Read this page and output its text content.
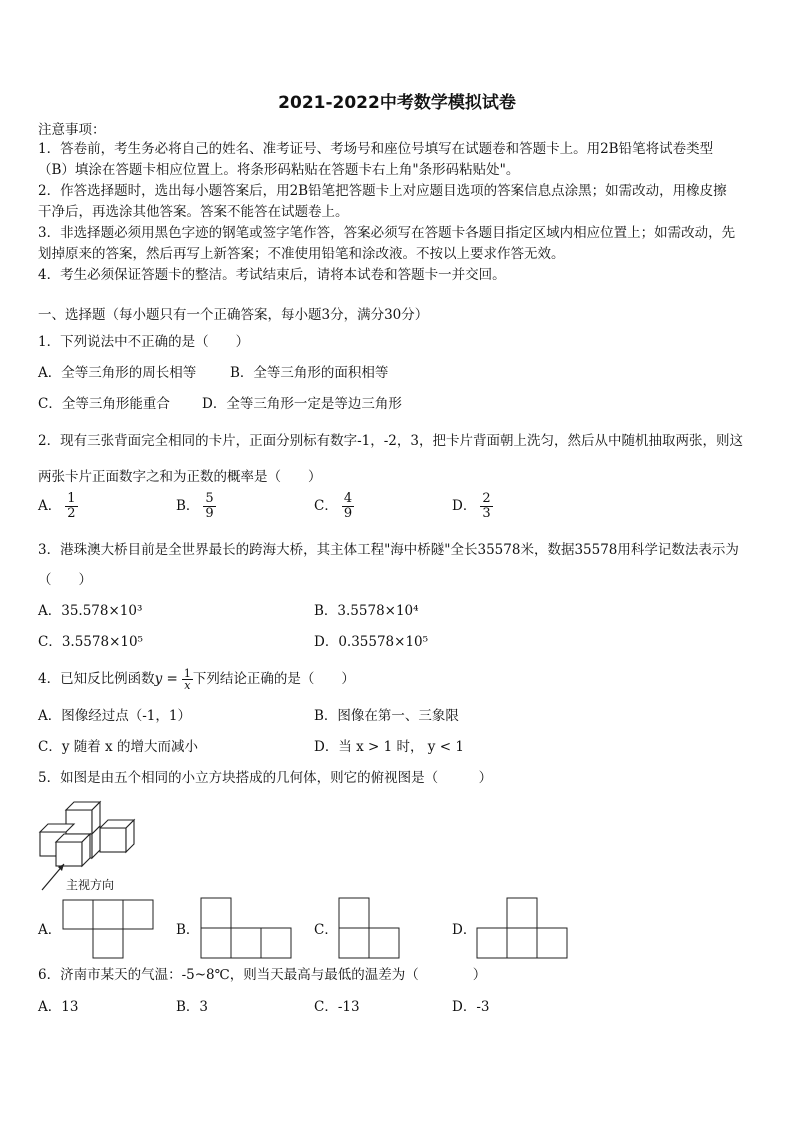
2021-2022中考数学模拟试卷
注意事项：
1．答卷前，考生务必将自己的姓名、准考证号、考场号和座位号填写在试题卷和答题卡上。用2B铅笔将试卷类型
（B）填涂在答题卡相应位置上。将条形码粘贴在答题卡右上角"条形码粘贴处"。
2．作答选择题时，选出每小题答案后，用2B铅笔把答题卡上对应题目选项的答案信息点涂黑；如需改动，用橡皮擦
干净后，再选涂其他答案。答案不能答在试题卷上。
3．非选择题必须用黑色字迹的钢笔或签字笔作答，答案必须写在答题卡各题目指定区域内相应位置上；如需改动，先
划掉原来的答案，然后再写上新答案；不准使用铅笔和涂改液。不按以上要求作答无效。
4．考生必须保证答题卡的整洁。考试结束后，请将本试卷和答题卡一并交回。
一、选择题（每小题只有一个正确答案，每小题3分，满分30分）
1．下列说法中不正确的是（　　）
A．全等三角形的周长相等	B．全等三角形的面积相等
C．全等三角形能重合 D．全等三角形一定是等边三角形
2．现有三张背面完全相同的卡片，正面分别标有数字-1，-2，3，把卡片背面朝上洗匀，然后从中随机抽取两张，则这
两张卡片正面数字之和为正数的概率是（　　）
A． $\frac{1}{2}$	B． $\frac{5}{9}$	C． $\frac{4}{9}$	D． $\frac{2}{3}$
3．港珠澳大桥目前是全世界最长的跨海大桥，其主体工程"海中桥隧"全长35578米，数据35578用科学记数法表示为
（　　）
A．35.578×10³	B．3.5578×10⁴
C．3.5578×10⁵	D．0.35578×10⁵
4．已知反比例函数$y = \frac{1}{x}$ 下列结论正确的是（　　）
A．图像经过点（-1，1）	B．图像在第一、三象限
C．y 随着 x 的增大而减小	D．当 x > 1 时， y < 1
5．如图是由五个相同的小立方块搭成的几何体，则它的俯视图是（　　　）
主视方向
A．	B．	C．	D．
6．济南市某天的气温：-5~8℃，则当天最高与最低的温差为（　　　　）
A．13	B．3	C．-13	D．-3
